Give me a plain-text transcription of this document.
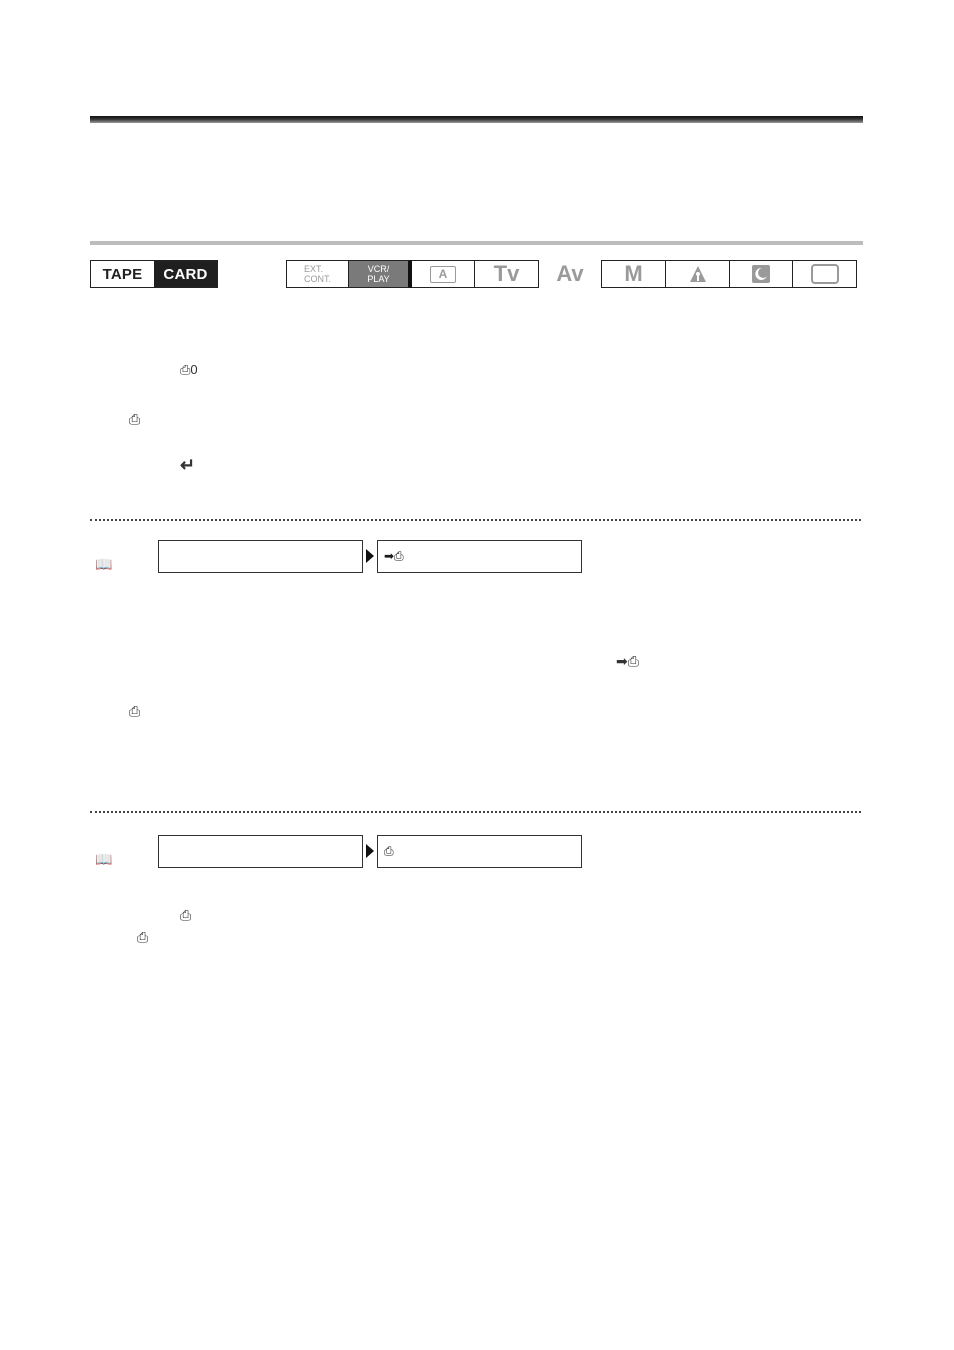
TAPE	CARD	EXT.
CONT.
VCR/
PLAY	A	Tv Av M
⎙0
⎙
↵
📖	➡⎙
➡⎙
⎙
📖	⎙
⎙
⎙
